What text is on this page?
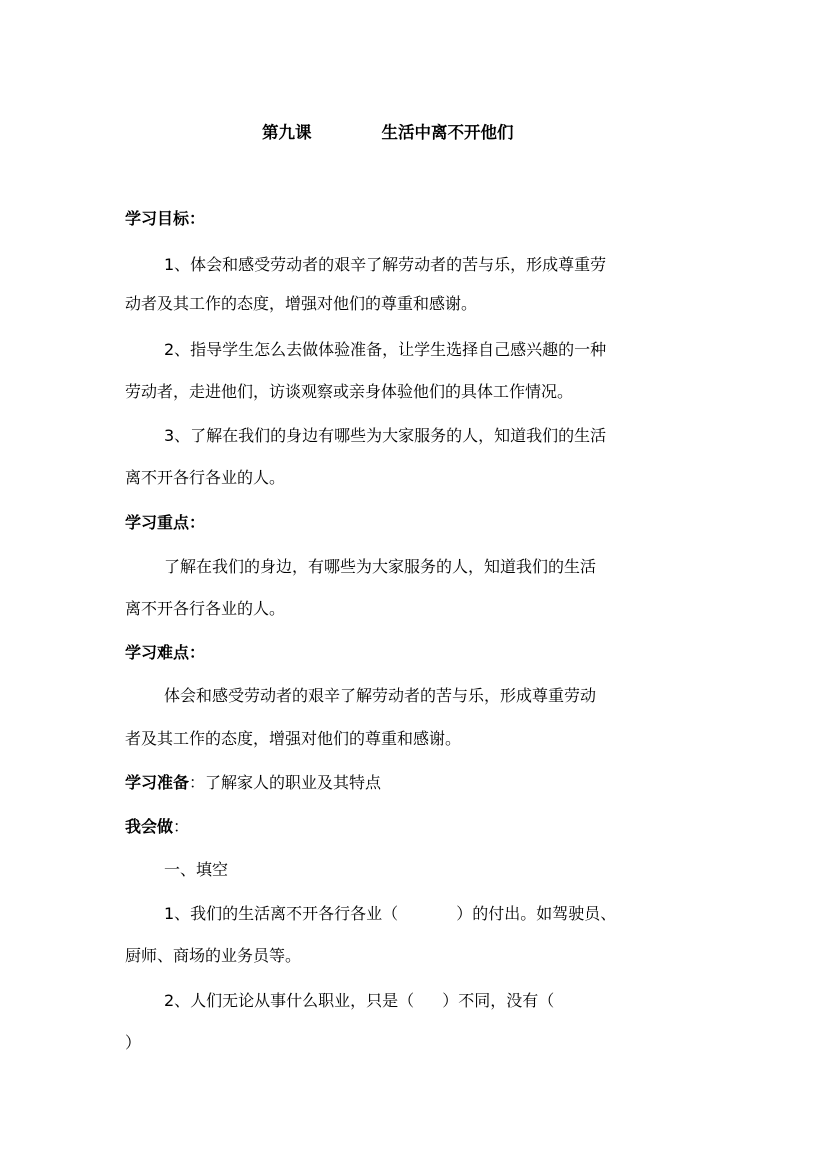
第九课	生活中离不开他们
学习目标：
1、体会和感受劳动者的艰辛了解劳动者的苦与乐，形成尊重劳
动者及其工作的态度，增强对他们的尊重和感谢。
2、指导学生怎么去做体验准备，让学生选择自己感兴趣的一种
劳动者，走进他们，访谈观察或亲身体验他们的具体工作情况。
3、了解在我们的身边有哪些为大家服务的人，知道我们的生活
离不开各行各业的人。
学习重点：
了解在我们的身边，有哪些为大家服务的人，知道我们的生活
离不开各行各业的人。
学习难点：
体会和感受劳动者的艰辛了解劳动者的苦与乐，形成尊重劳动
者及其工作的态度，增强对他们的尊重和感谢。
学习准备：了解家人的职业及其特点
我会做：
一、填空
1、我们的生活离不开各行各业（	）的付出。如驾驶员、
厨师、商场的业务员等。
2、人们无论从事什么职业，只是（ ）不同，没有（
）
